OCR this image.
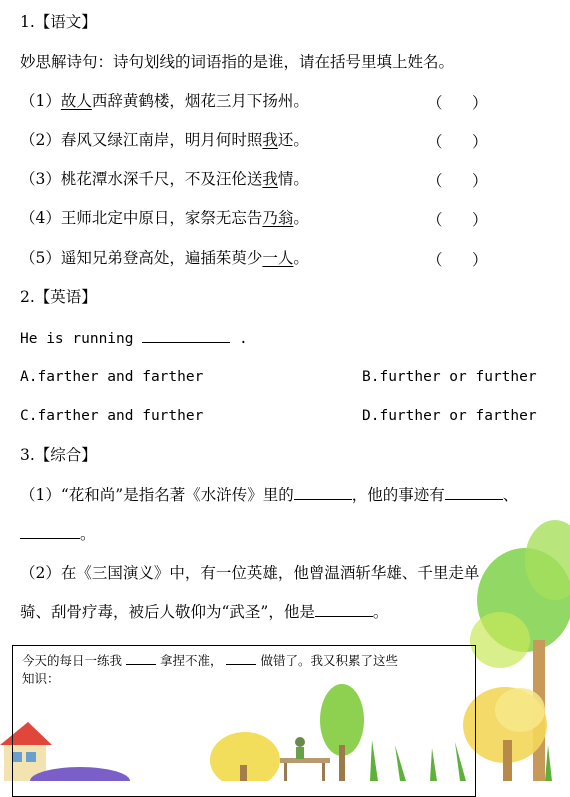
1.【语文】
妙思解诗句：诗句划线的词语指的是谁，请在括号里填上姓名。
（1）故人西辞黄鹤楼，烟花三月下扬州。	（      ）
（2）春风又绿江南岸，明月何时照我还。	（      ）
（3）桃花潭水深千尺，不及汪伦送我情。	（      ）
（4）王师北定中原日，家祭无忘告乃翁。	（      ）
（5）遥知兄弟登高处，遍插茱萸少一人。	（      ）
2.【英语】
He is running	.
A.farther and farther	B.further or further
C.farther and further	D.further or farther
3.【综合】
（1）“花和尚”是指名著《水浒传》里的	，他的事迹有	、
。
（2）在《三国演义》中，有一位英雄，他曾温酒斩华雄、千里走单
骑、刮骨疗毒，被后人敬仰为“武圣”，他是	。
今天的每日一练我	拿捏不准，	做错了。我又积累了这些
知识：
